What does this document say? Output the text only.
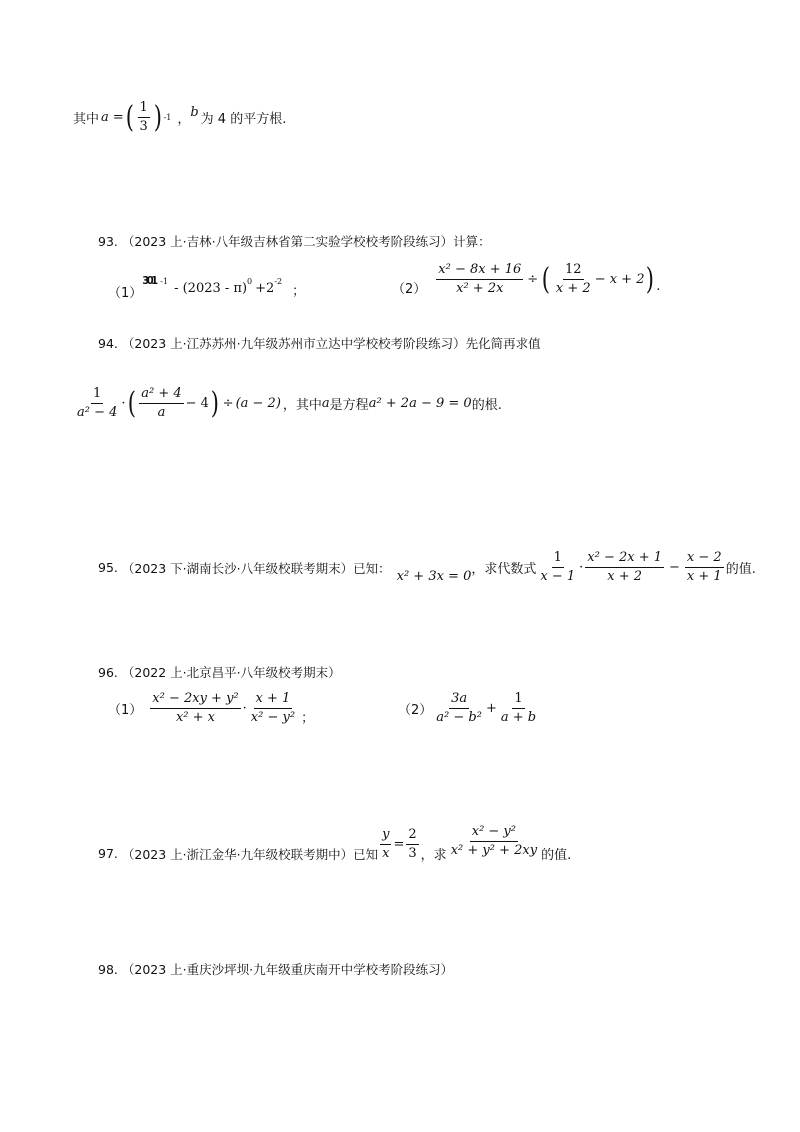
其中 a = ( $\frac{1}{3}$ ) -1 ， b 为 4 的平方根.
93. （2023 上·吉林·八年级吉林省第二实验学校校考阶段练习）计算：
（1）
3 0 1 $-1 - (2023 - \pi)^0 +2^{-2}$
；	$(2) \frac{\text{x² − 8x + 16}}{\text{x² + 2x}}$ ÷ ( $\frac{12}{x + 2} - x + 2$ ) .
94. （2023 上·江苏苏州·九年级苏州市立达中学校校考阶段练习）先化简再求值
$\frac{1}{\text{a² − 4}}$ · ( $\frac{\text{a² + 4}}{a} - 4$ ) ÷ (a − 2) ，其中 a 是方程 a² + 2a − 9 = 0 的根.
95. （2023 下·湖南长沙·八年级校联考期末）已知：
x² + 3x = 0 ，求代数式 $\frac{1}{x - 1} \cdot \frac{\text{x² − 2x + 1}}{x + 2} - \frac{x - 2}{x + 1}$ 的值.
96. （2022 上·北京昌平·八年级校考期末）
$(1) \frac{\text{x² − 2xy + y²}}{\text{x² + x}} \cdot \frac{x + 1}{\text{x² − y²}}$ ；
$(2) \frac{3a}{\text{a² − b²}} + \frac{1}{a + b}$
97. （2023 上·浙江金华·九年级校联考期中）已知 $\frac{y}{x} = \frac{2}{3}$ ，求 $\frac{\text{x² − y²}}{\text{x² + y² + 2xy}}$ 的值.
98. （2023 上·重庆沙坪坝·九年级重庆南开中学校考阶段练习）
